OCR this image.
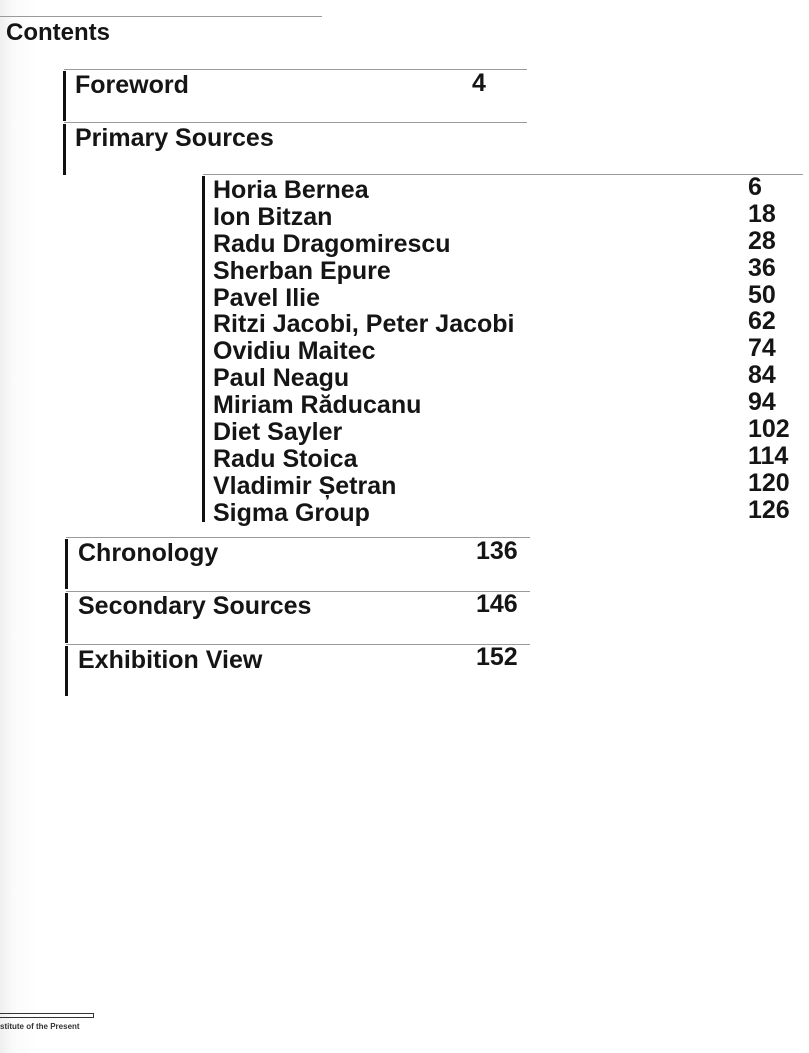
Contents
Foreword	4
Primary Sources
Horia Bernea	6
Ion Bitzan	18
Radu Dragomirescu	28
Sherban Epure	36
Pavel Ilie	50
Ritzi Jacobi, Peter Jacobi	62
Ovidiu Maitec	74
Paul Neagu	84
Miriam Răducanu	94
Diet Sayler	102
Radu Stoica	114
Vladimir Șetran	120
Sigma Group	126
Chronology	136
Secondary Sources	146
Exhibition View	152
stitute of the Present
